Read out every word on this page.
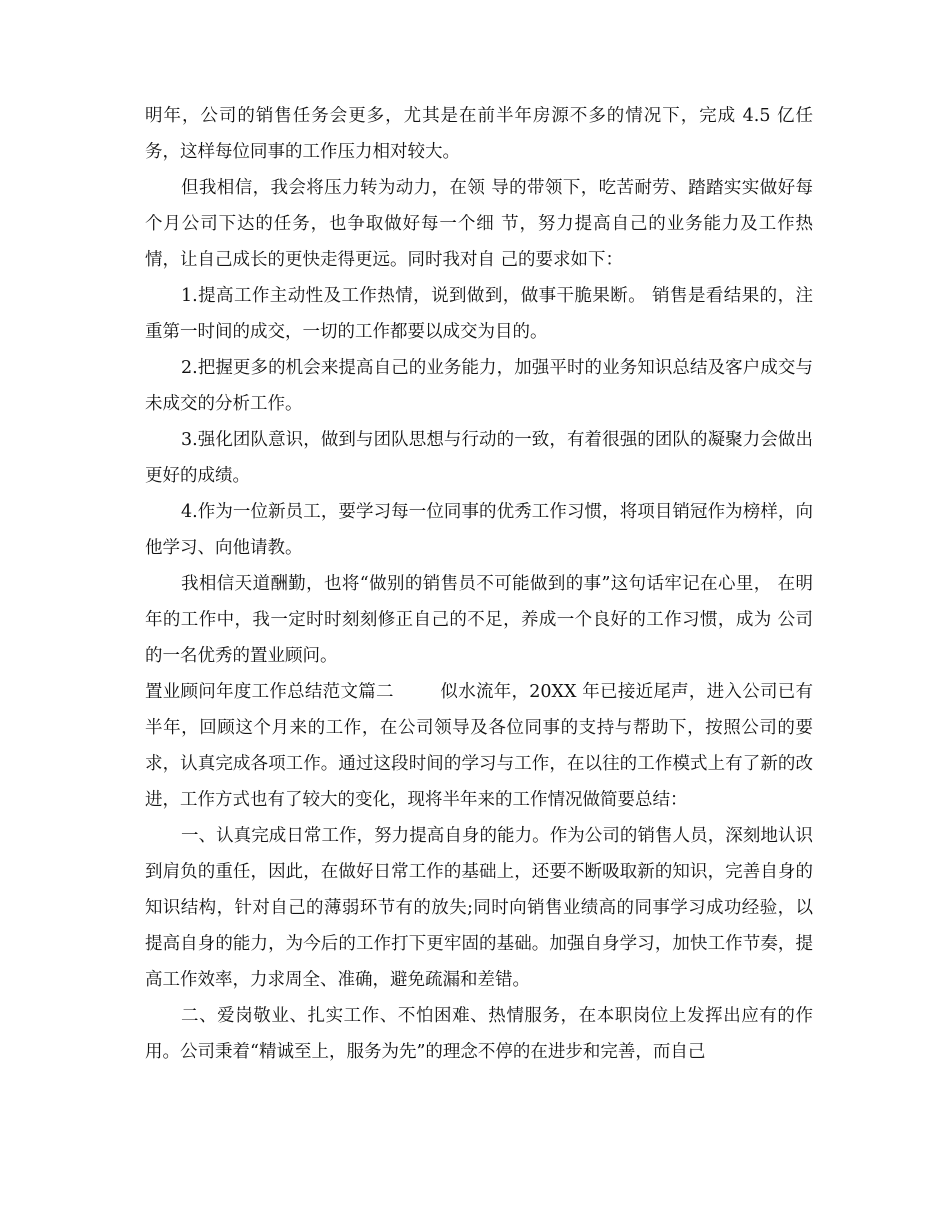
明年，公司的销售任务会更多，尤其是在前半年房源不多的情况下，完成 4.5 亿任务，这样每位同事的工作压力相对较大。

但我相信，我会将压力转为动力，在领 导的带领下，吃苦耐劳、踏踏实实做好每个月公司下达的任务，也争取做好每一个细 节，努力提高自己的业务能力及工作热情，让自己成长的更快走得更远。同时我对自 己的要求如下：

1.提高工作主动性及工作热情，说到做到，做事干脆果断。 销售是看结果的，注重第一时间的成交，一切的工作都要以成交为目的。

2.把握更多的机会来提高自己的业务能力，加强平时的业务知识总结及客户成交与 未成交的分析工作。

3.强化团队意识，做到与团队思想与行动的一致，有着很强的团队的凝聚力会做出 更好的成绩。

4.作为一位新员工，要学习每一位同事的优秀工作习惯，将项目销冠作为榜样，向他学习、向他请教。

我相信天道酬勤，也将“做别的销售员不可能做到的事”这句话牢记在心里， 在明年的工作中，我一定时时刻刻修正自己的不足，养成一个良好的工作习惯，成为 公司的一名优秀的置业顾问。

置业顾问年度工作总结范文篇二	似水流年，20XX 年已接近尾声，进入公司已有半年，回顾这个月来的工作，在公司领导及各位同事的支持与帮助下，按照公司的要求，认真完成各项工作。通过这段时间的学习与工作，在以往的工作模式上有了新的改进，工作方式也有了较大的变化，现将半年来的工作情况做简要总结：

一、认真完成日常工作，努力提高自身的能力。作为公司的销售人员，深刻地认识到肩负的重任，因此，在做好日常工作的基础上，还要不断吸取新的知识，完善自身的知识结构，针对自己的薄弱环节有的放失;同时向销售业绩高的同事学习成功经验，以提高自身的能力，为今后的工作打下更牢固的基础。加强自身学习，加快工作节奏，提高工作效率，力求周全、准确，避免疏漏和差错。

二、爱岗敬业、扎实工作、不怕困难、热情服务，在本职岗位上发挥出应有的作用。公司秉着“精诚至上，服务为先”的理念不停的在进步和完善，而自己
